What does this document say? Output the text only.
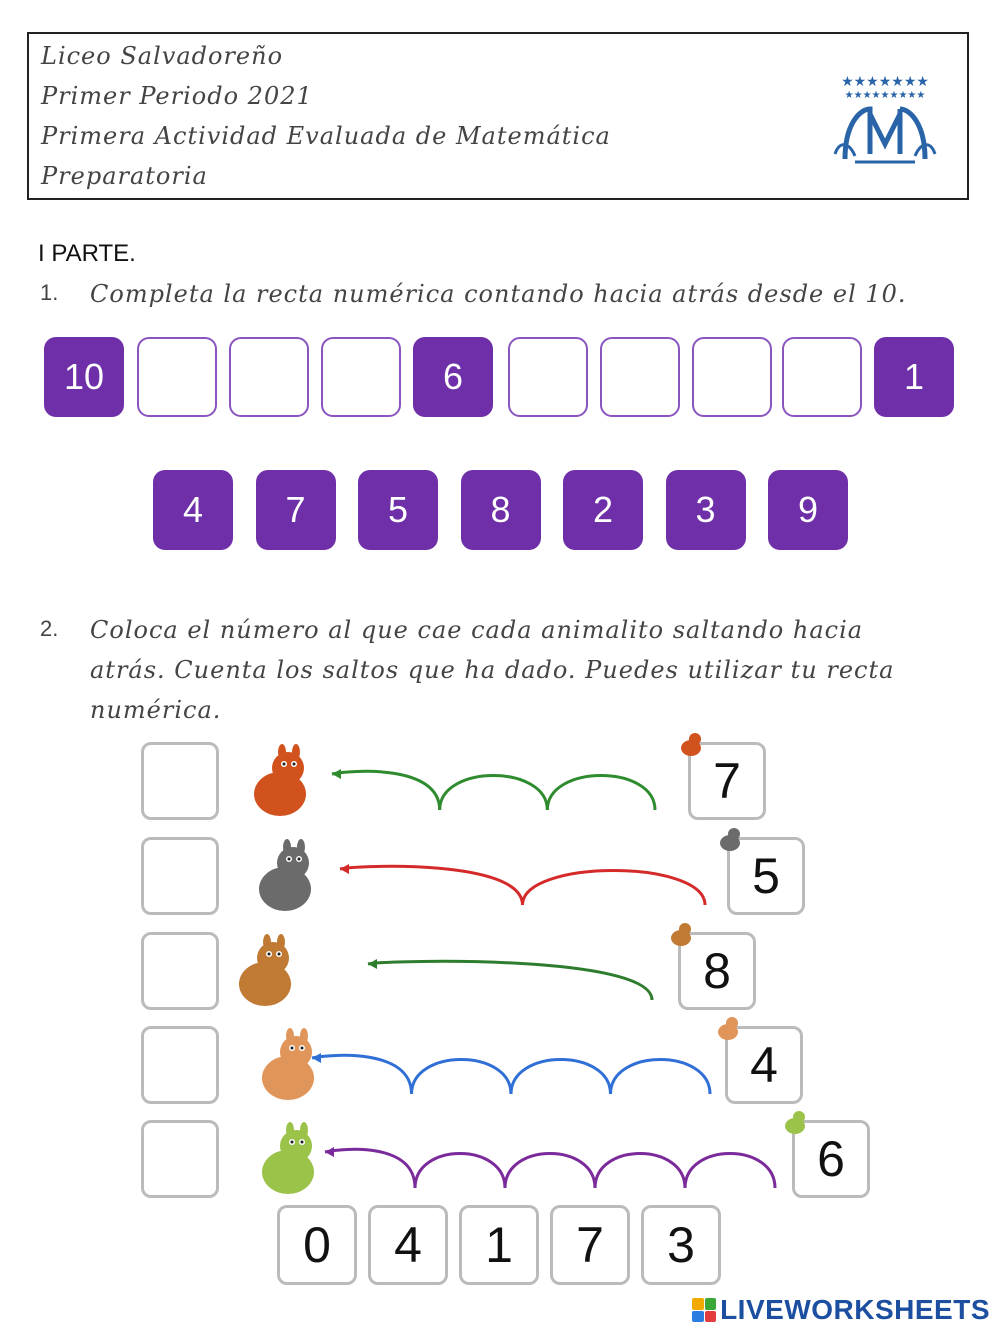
Liceo Salvadoreño
Primer Periodo 2021
Primera Actividad Evaluada de Matemática
Preparatoria
★★★★★★★
★★★★★★★★★
I PARTE.
1. Completa la recta numérica contando hacia atrás desde el 10.
10	6	1
4	7	5	8	2	3	9
2. Coloca el número al que cae cada animalito saltando hacia
atrás. Cuenta los saltos que ha dado. Puedes utilizar tu recta
numérica.
7
5
8
4
6
0	4	1	7	3
LIVEWORKSHEETS
